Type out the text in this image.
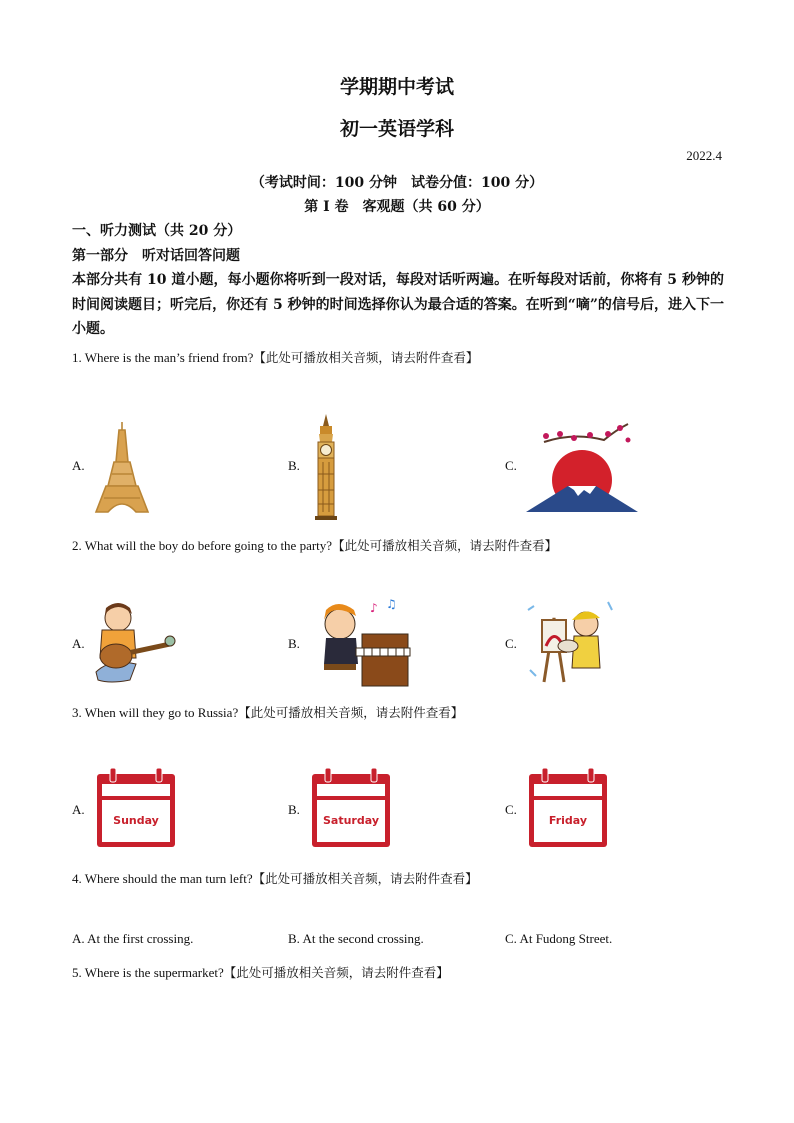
学期期中考试
初一英语学科
2022.4
（考试时间：100 分钟　试卷分值：100 分）
第 I 卷　客观题（共 60 分）
一、听力测试（共 20 分）
第一部分　听对话回答问题
本部分共有 10 道小题，每小题你将听到一段对话，每段对话听两遍。在听每段对话前，你将有 5 秒钟的时间阅读题目；听完后，你还有 5 秒钟的时间选择你认为最合适的答案。在听到“嘀”的信号后，进入下一小题。
1. Where is the man’s friend from?【此处可播放相关音频，请去附件查看】
A.	B.	C.
2. What will the boy do before going to the party?【此处可播放相关音频，请去附件查看】
A.	B.	C.
♪ ♫
3. When will they go to Russia?【此处可播放相关音频，请去附件查看】
A.	B.	C.
Sunday	Saturday	Friday
4. Where should the man turn left?【此处可播放相关音频，请去附件查看】
A. At the first crossing.	B. At the second crossing.	C. At Fudong Street.
5. Where is the supermarket?【此处可播放相关音频，请去附件查看】
